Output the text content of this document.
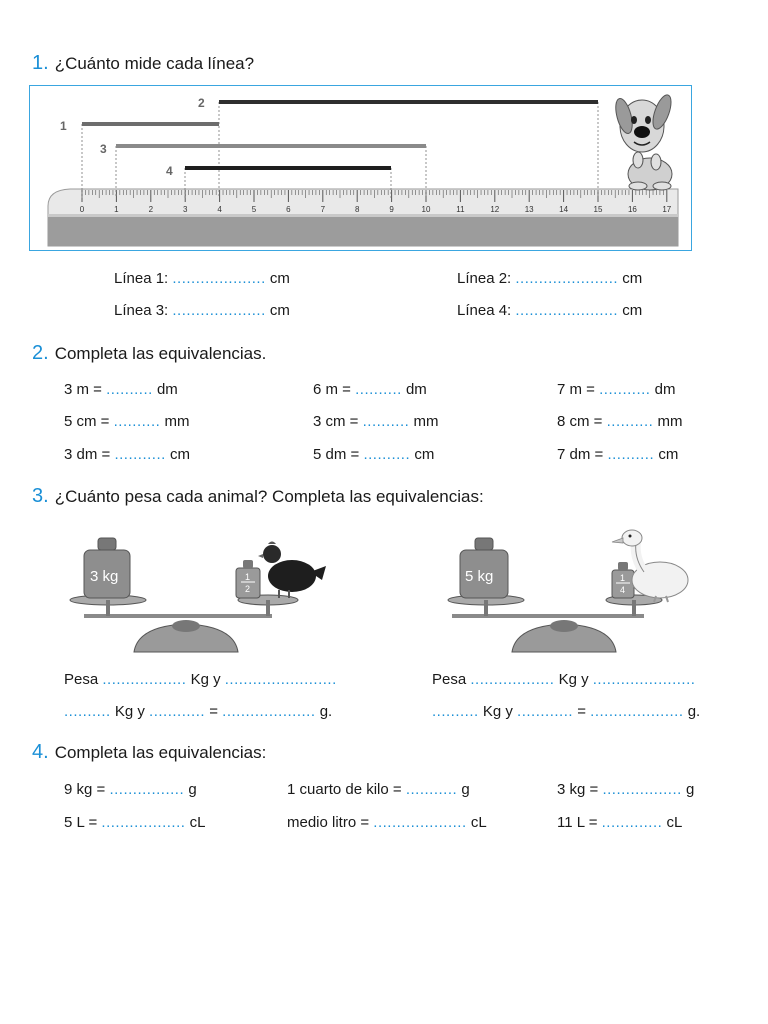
1. ¿Cuánto mide cada línea?
0	1	2	3	4	5	6	7	8	9	10	11	12	13	14	15	16	17
1
2
3
4
Línea 1: .................... cm	Línea 2: ...................... cm
Línea 3: .................... cm	Línea 4: ...................... cm
2. Completa las equivalencias.
3 m = .......... dm	6 m = .......... dm	7 m = ........... dm
5 cm = .......... mm	3 cm = .......... mm	8 cm = .......... mm
3 dm = ........... cm	5 dm = .......... cm	7 dm = .......... cm
3. ¿Cuánto pesa cada animal? Completa las equivalencias:
3 kg	1
2
5 kg	1
4
Pesa .................. Kg y ........................
.......... Kg y ............ = .................... g.
Pesa .................. Kg y ......................
.......... Kg y ............ = .................... g.
4. Completa las equivalencias:
9 kg = ................ g	1 cuarto de kilo = ........... g	3 kg = ................. g
5 L = .................. cL	medio litro = .................... cL	11 L = ............. cL
